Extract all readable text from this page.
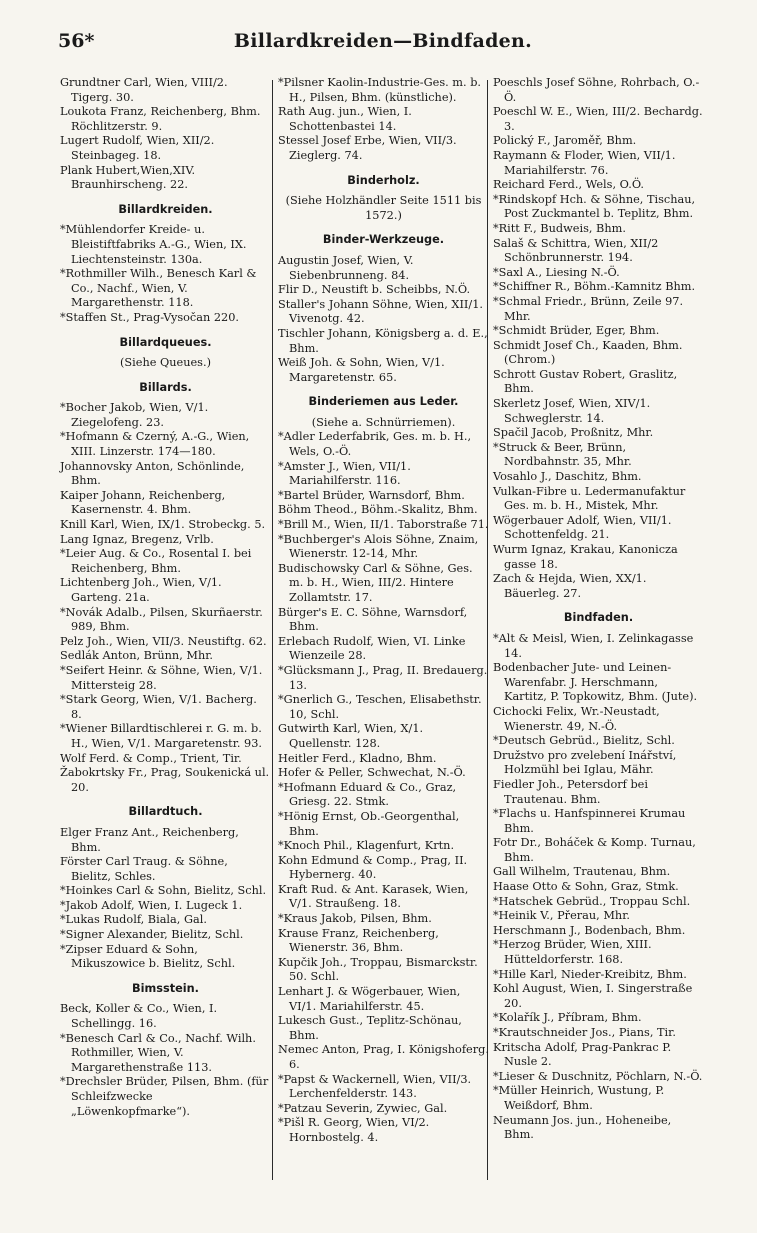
56*	Billardkreiden—Bindfaden.
Grundtner Carl, Wien, VIII/2. Tigerg. 30.
Loukota Franz, Reichenberg, Bhm. Röchlitzerstr. 9.
Lugert Rudolf, Wien, XII/2. Steinbageg. 18.
Plank Hubert,Wien,XIV. Braunhirscheng. 22.
Billardkreiden.
*Mühlendorfer Kreide- u. Bleistiftfabriks A.-G., Wien, IX. Liechtensteinstr. 130a.
*Rothmiller Wilh., Benesch Karl & Co., Nachf., Wien, V. Margarethenstr. 118.
*Staffen St., Prag-Vysočan 220.
Billardqueues.
(Siehe Queues.)
Billards.
*Bocher Jakob, Wien, V/1. Ziegelofeng. 23.
*Hofmann & Czerný, A.-G., Wien, XIII. Linzerstr. 174—180.
Johannovsky Anton, Schönlinde, Bhm.
Kaiper Johann, Reichenberg, Kasernenstr. 4. Bhm.
Knill Karl, Wien, IX/1. Strobeckg. 5.
Lang Ignaz, Bregenz, Vrlb.
*Leier Aug. & Co., Rosental I. bei Reichenberg, Bhm.
Lichtenberg Joh., Wien, V/1. Garteng. 21a.
*Novák Adalb., Pilsen, Skurñaerstr. 989, Bhm.
Pelz Joh., Wien, VII/3. Neustiftg. 62.
Sedlák Anton, Brünn, Mhr.
*Seifert Heinr. & Söhne, Wien, V/1. Mittersteig 28.
*Stark Georg, Wien, V/1. Bacherg. 8.
*Wiener Billardtischlerei r. G. m. b. H., Wien, V/1. Margaretenstr. 93.
Wolf Ferd. & Comp., Trient, Tir.
Žabokrtsky Fr., Prag, Soukenická ul. 20.
Billardtuch.
Elger Franz Ant., Reichenberg, Bhm.
Förster Carl Traug. & Söhne, Bielitz, Schles.
*Hoinkes Carl & Sohn, Bielitz, Schl.
*Jakob Adolf, Wien, I. Lugeck 1.
*Lukas Rudolf, Biala, Gal.
*Signer Alexander, Bielitz, Schl.
*Zipser Eduard & Sohn, Mikuszowice b. Bielitz, Schl.
Bimsstein.
Beck, Koller & Co., Wien, I. Schellingg. 16.
*Benesch Carl & Co., Nachf. Wilh. Rothmiller, Wien, V. Margarethenstraße 113.
*Drechsler Brüder, Pilsen, Bhm. (für Schleifzwecke „Löwenkopfmarke“).
*Pilsner Kaolin-Industrie-Ges. m. b. H., Pilsen, Bhm. (künstliche).
Rath Aug. jun., Wien, I. Schottenbastei 14.
Stessel Josef Erbe, Wien, VII/3. Zieglerg. 74.
Binderholz.
(Siehe Holzhändler Seite 1511 bis 1572.)
Binder-Werkzeuge.
Augustin Josef, Wien, V. Siebenbrunneng. 84.
Flir D., Neustift b. Scheibbs, N.Ö.
Staller's Johann Söhne, Wien, XII/1. Vivenotg. 42.
Tischler Johann, Königsberg a. d. E., Bhm.
Weiß Joh. & Sohn, Wien, V/1. Margaretenstr. 65.
Binderiemen aus Leder.
(Siehe a. Schnürriemen).
*Adler Lederfabrik, Ges. m. b. H., Wels, O.-Ö.
*Amster J., Wien, VII/1. Mariahilferstr. 116.
*Bartel Brüder, Warnsdorf, Bhm.
Böhm Theod., Böhm.-Skalitz, Bhm.
*Brill M., Wien, II/1. Taborstraße 71.
*Buchberger's Alois Söhne, Znaim, Wienerstr. 12-14, Mhr.
Budischowsky Carl & Söhne, Ges. m. b. H., Wien, III/2. Hintere Zollamtstr. 17.
Bürger's E. C. Söhne, Warnsdorf, Bhm.
Erlebach Rudolf, Wien, VI. Linke Wienzeile 28.
*Glücksmann J., Prag, II. Bredauerg. 13.
*Gnerlich G., Teschen, Elisabethstr. 10, Schl.
Gutwirth Karl, Wien, X/1. Quellenstr. 128.
Heitler Ferd., Kladno, Bhm.
Hofer & Peller, Schwechat, N.-Ö.
*Hofmann Eduard & Co., Graz, Griesg. 22. Stmk.
*Hönig Ernst, Ob.-Georgenthal, Bhm.
*Knoch Phil., Klagenfurt, Krtn.
Kohn Edmund & Comp., Prag, II. Hybernerg. 40.
Kraft Rud. & Ant. Karasek, Wien, V/1. Straußeng. 18.
*Kraus Jakob, Pilsen, Bhm.
Krause Franz, Reichenberg, Wienerstr. 36, Bhm.
Kupčik Joh., Troppau, Bismarckstr. 50. Schl.
Lenhart J. & Wögerbauer, Wien, VI/1. Mariahilferstr. 45.
Lukesch Gust., Teplitz-Schönau, Bhm.
Nemec Anton, Prag, I. Königshoferg. 6.
*Papst & Wackernell, Wien, VII/3. Lerchenfelderstr. 143.
*Patzau Severin, Zywiec, Gal.
*Pišl R. Georg, Wien, VI/2. Hornbostelg. 4.
Poeschls Josef Söhne, Rohrbach, O.-Ö.
Poeschl W. E., Wien, III/2. Bechardg. 3.
Polický F., Jaroměř, Bhm.
Raymann & Floder, Wien, VII/1. Mariahilferstr. 76.
Reichard Ferd., Wels, O.Ö.
*Rindskopf Hch. & Söhne, Tischau, Post Zuckmantel b. Teplitz, Bhm.
*Ritt F., Budweis, Bhm.
Salaš & Schittra, Wien, XII/2 Schönbrunnerstr. 194.
*Saxl A., Liesing N.-Ö.
*Schiffner R., Böhm.-Kamnitz Bhm.
*Schmal Friedr., Brünn, Zeile 97. Mhr.
*Schmidt Brüder, Eger, Bhm.
Schmidt Josef Ch., Kaaden, Bhm. (Chrom.)
Schrott Gustav Robert, Graslitz, Bhm.
Skerletz Josef, Wien, XIV/1. Schweglerstr. 14.
Spačil Jacob, Proßnitz, Mhr.
*Struck & Beer, Brünn, Nordbahnstr. 35, Mhr.
Vosahlo J., Daschitz, Bhm.
Vulkan-Fibre u. Ledermanufaktur Ges. m. b. H., Mistek, Mhr.
Wögerbauer Adolf, Wien, VII/1. Schottenfeldg. 21.
Wurm Ignaz, Krakau, Kanonicza gasse 18.
Zach & Hejda, Wien, XX/1. Bäuerleg. 27.
Bindfaden.
*Alt & Meisl, Wien, I. Zelinkagasse 14.
Bodenbacher Jute- und Leinen-Warenfabr. J. Herschmann, Kartitz, P. Topkowitz, Bhm. (Jute).
Cichocki Felix, Wr.-Neustadt, Wienerstr. 49, N.-Ö.
*Deutsch Gebrüd., Bielitz, Schl.
Družstvo pro zvelebení Inářství, Holzmühl bei Iglau, Mähr.
Fiedler Joh., Petersdorf bei Trautenau. Bhm.
*Flachs u. Hanfspinnerei Krumau Bhm.
Fotr Dr., Boháček & Komp. Turnau, Bhm.
Gall Wilhelm, Trautenau, Bhm.
Haase Otto & Sohn, Graz, Stmk.
*Hatschek Gebrüd., Troppau Schl.
*Heinik V., Přerau, Mhr.
Herschmann J., Bodenbach, Bhm.
*Herzog Brüder, Wien, XIII. Hütteldorferstr. 168.
*Hille Karl, Nieder-Kreibitz, Bhm.
Kohl August, Wien, I. Singerstraße 20.
*Kolařík J., Příbram, Bhm.
*Krautschneider Jos., Pians, Tir.
Kritscha Adolf, Prag-Pankrac P. Nusle 2.
*Lieser & Duschnitz, Pöchlarn, N.-Ö.
*Müller Heinrich, Wustung, P. Weißdorf, Bhm.
Neumann Jos. jun., Hoheneibe, Bhm.
